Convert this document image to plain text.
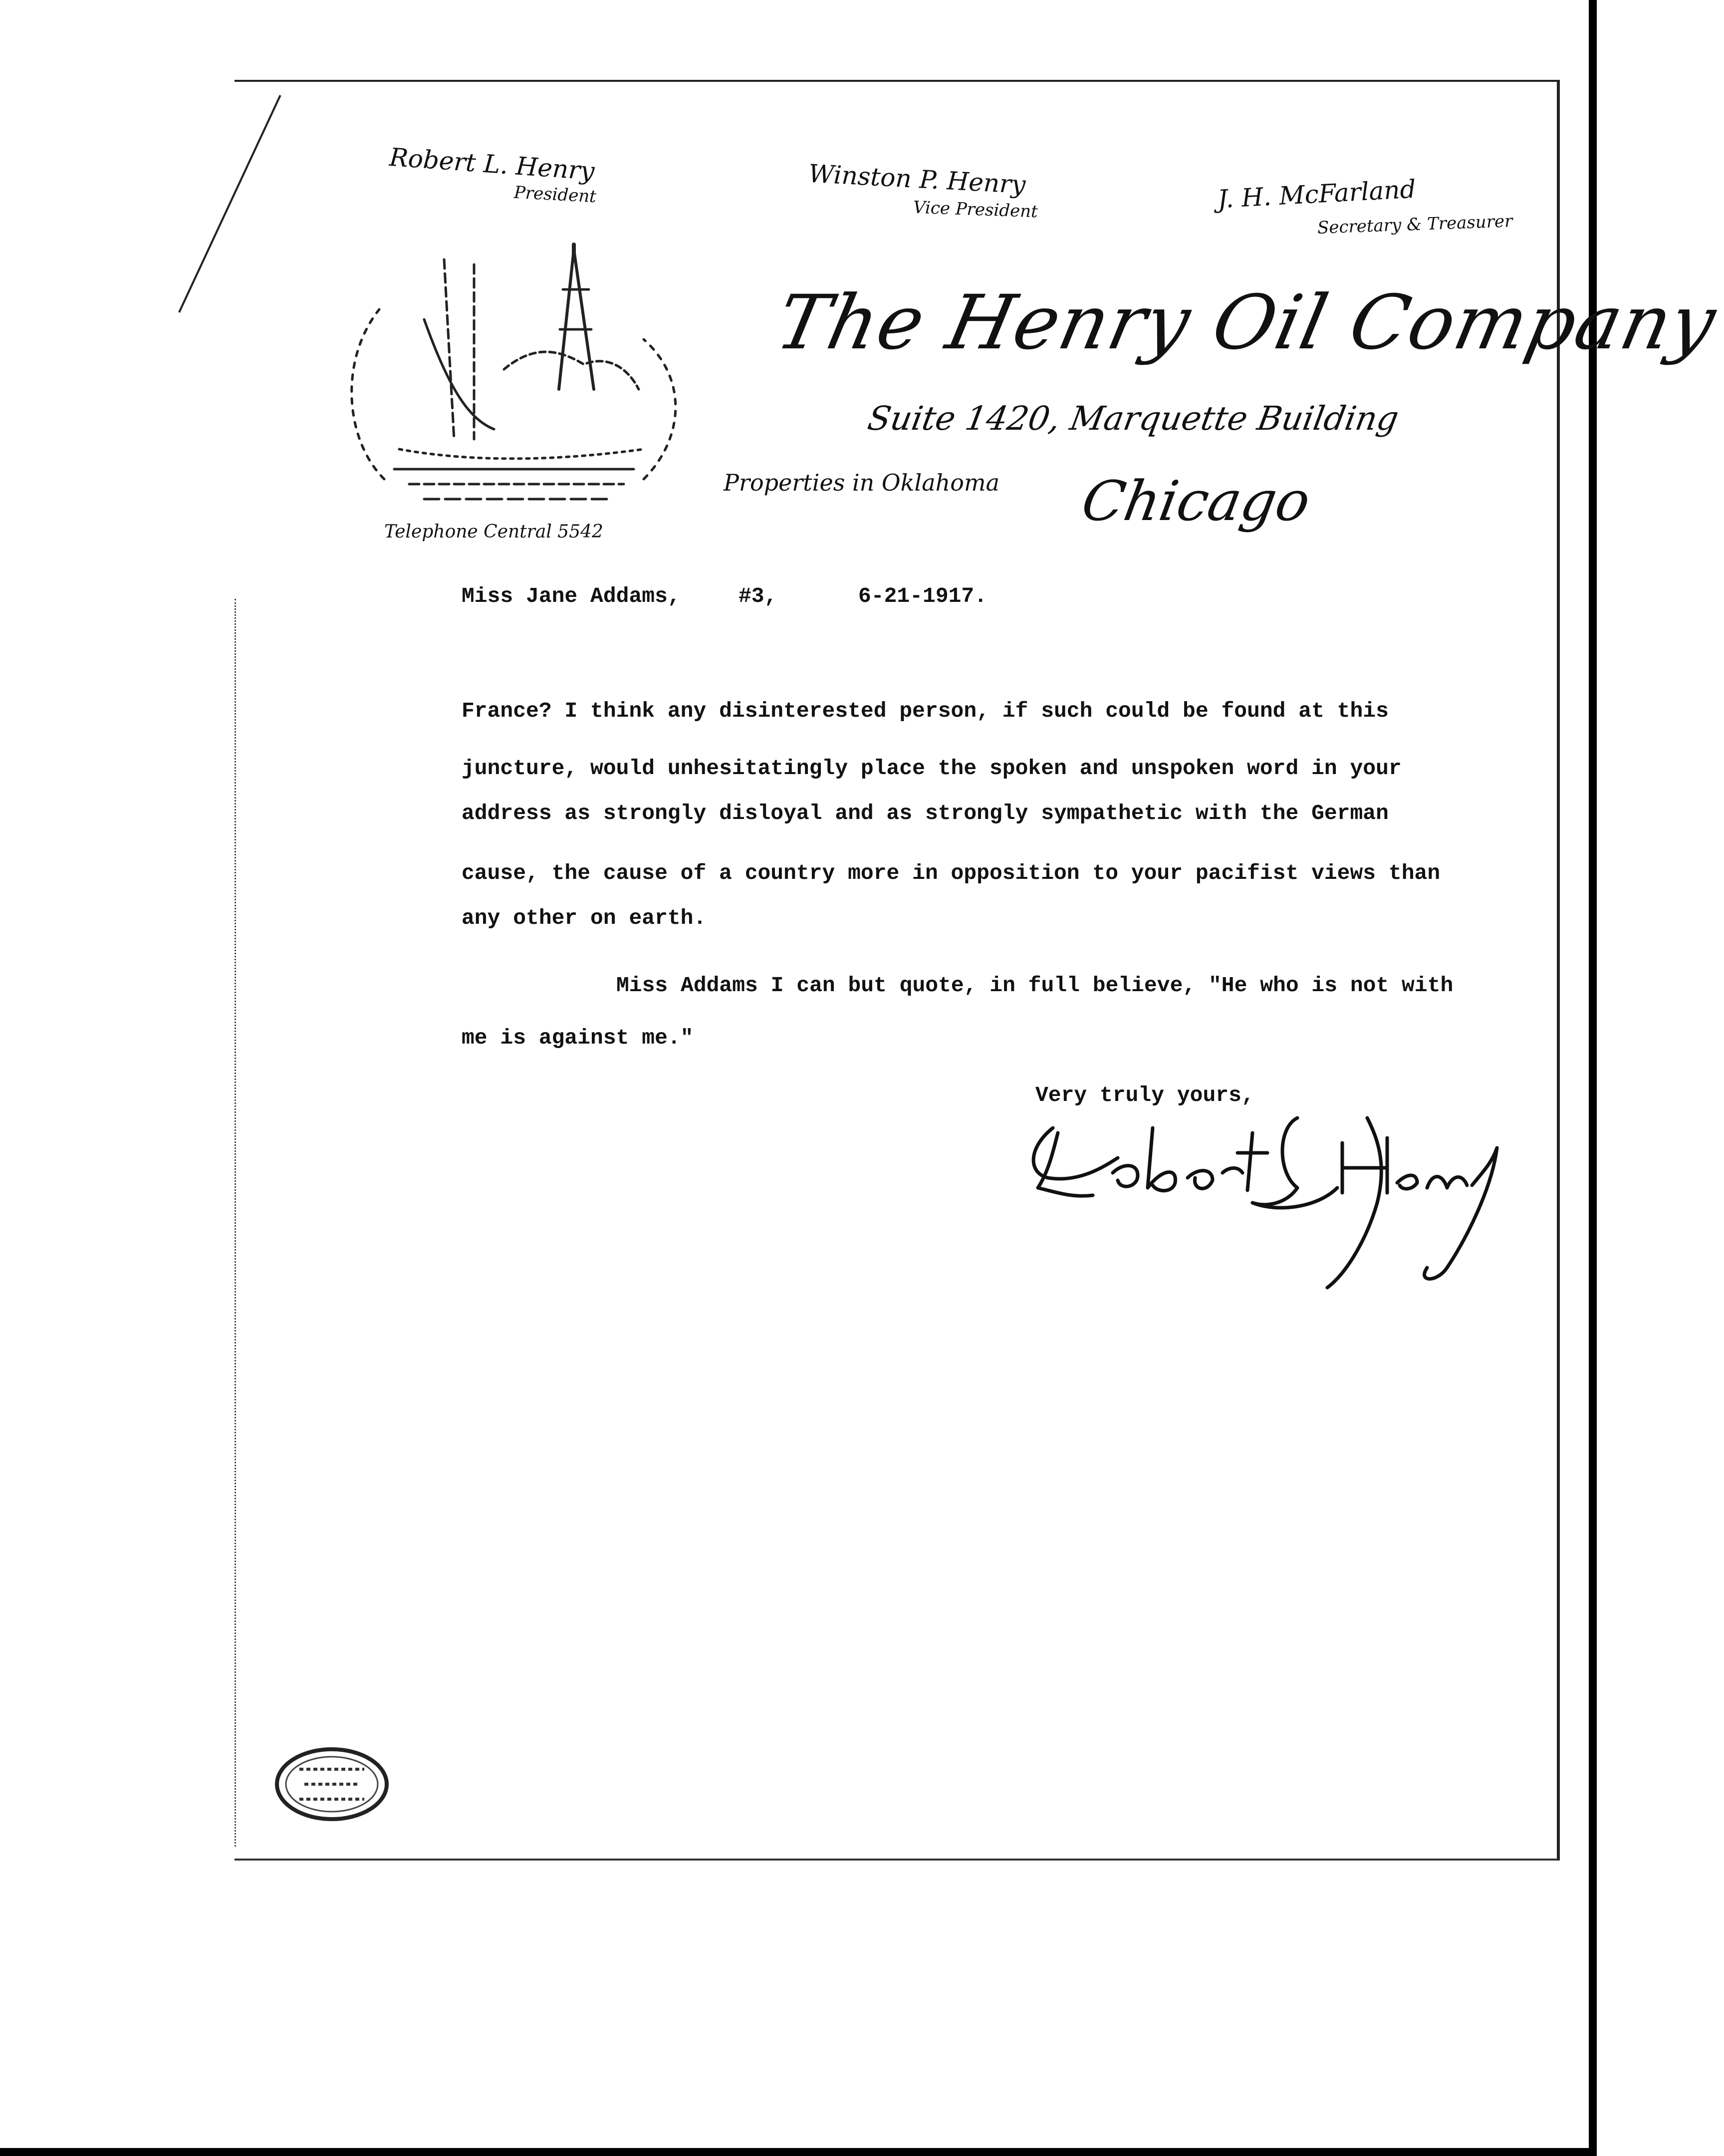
Robert L. Henry
President	Winston P. Henry
Vice President	J. H. McFarland
Secretary & Treasurer
The Henry Oil Company
Suite 1420, Marquette Building
Properties in Oklahoma Chicago
Telephone Central 5542
Miss Jane Addams,	#3,	6-21-1917.
France? I think any disinterested person, if such could be found at this
juncture, would unhesitatingly place the spoken and unspoken word in your
address as strongly disloyal and as strongly sympathetic with the German
cause, the cause of a country more in opposition to your pacifist views than
any other on earth.
Miss Addams I can but quote, in full believe, "He who is not with
me is against me."
Very truly yours,
